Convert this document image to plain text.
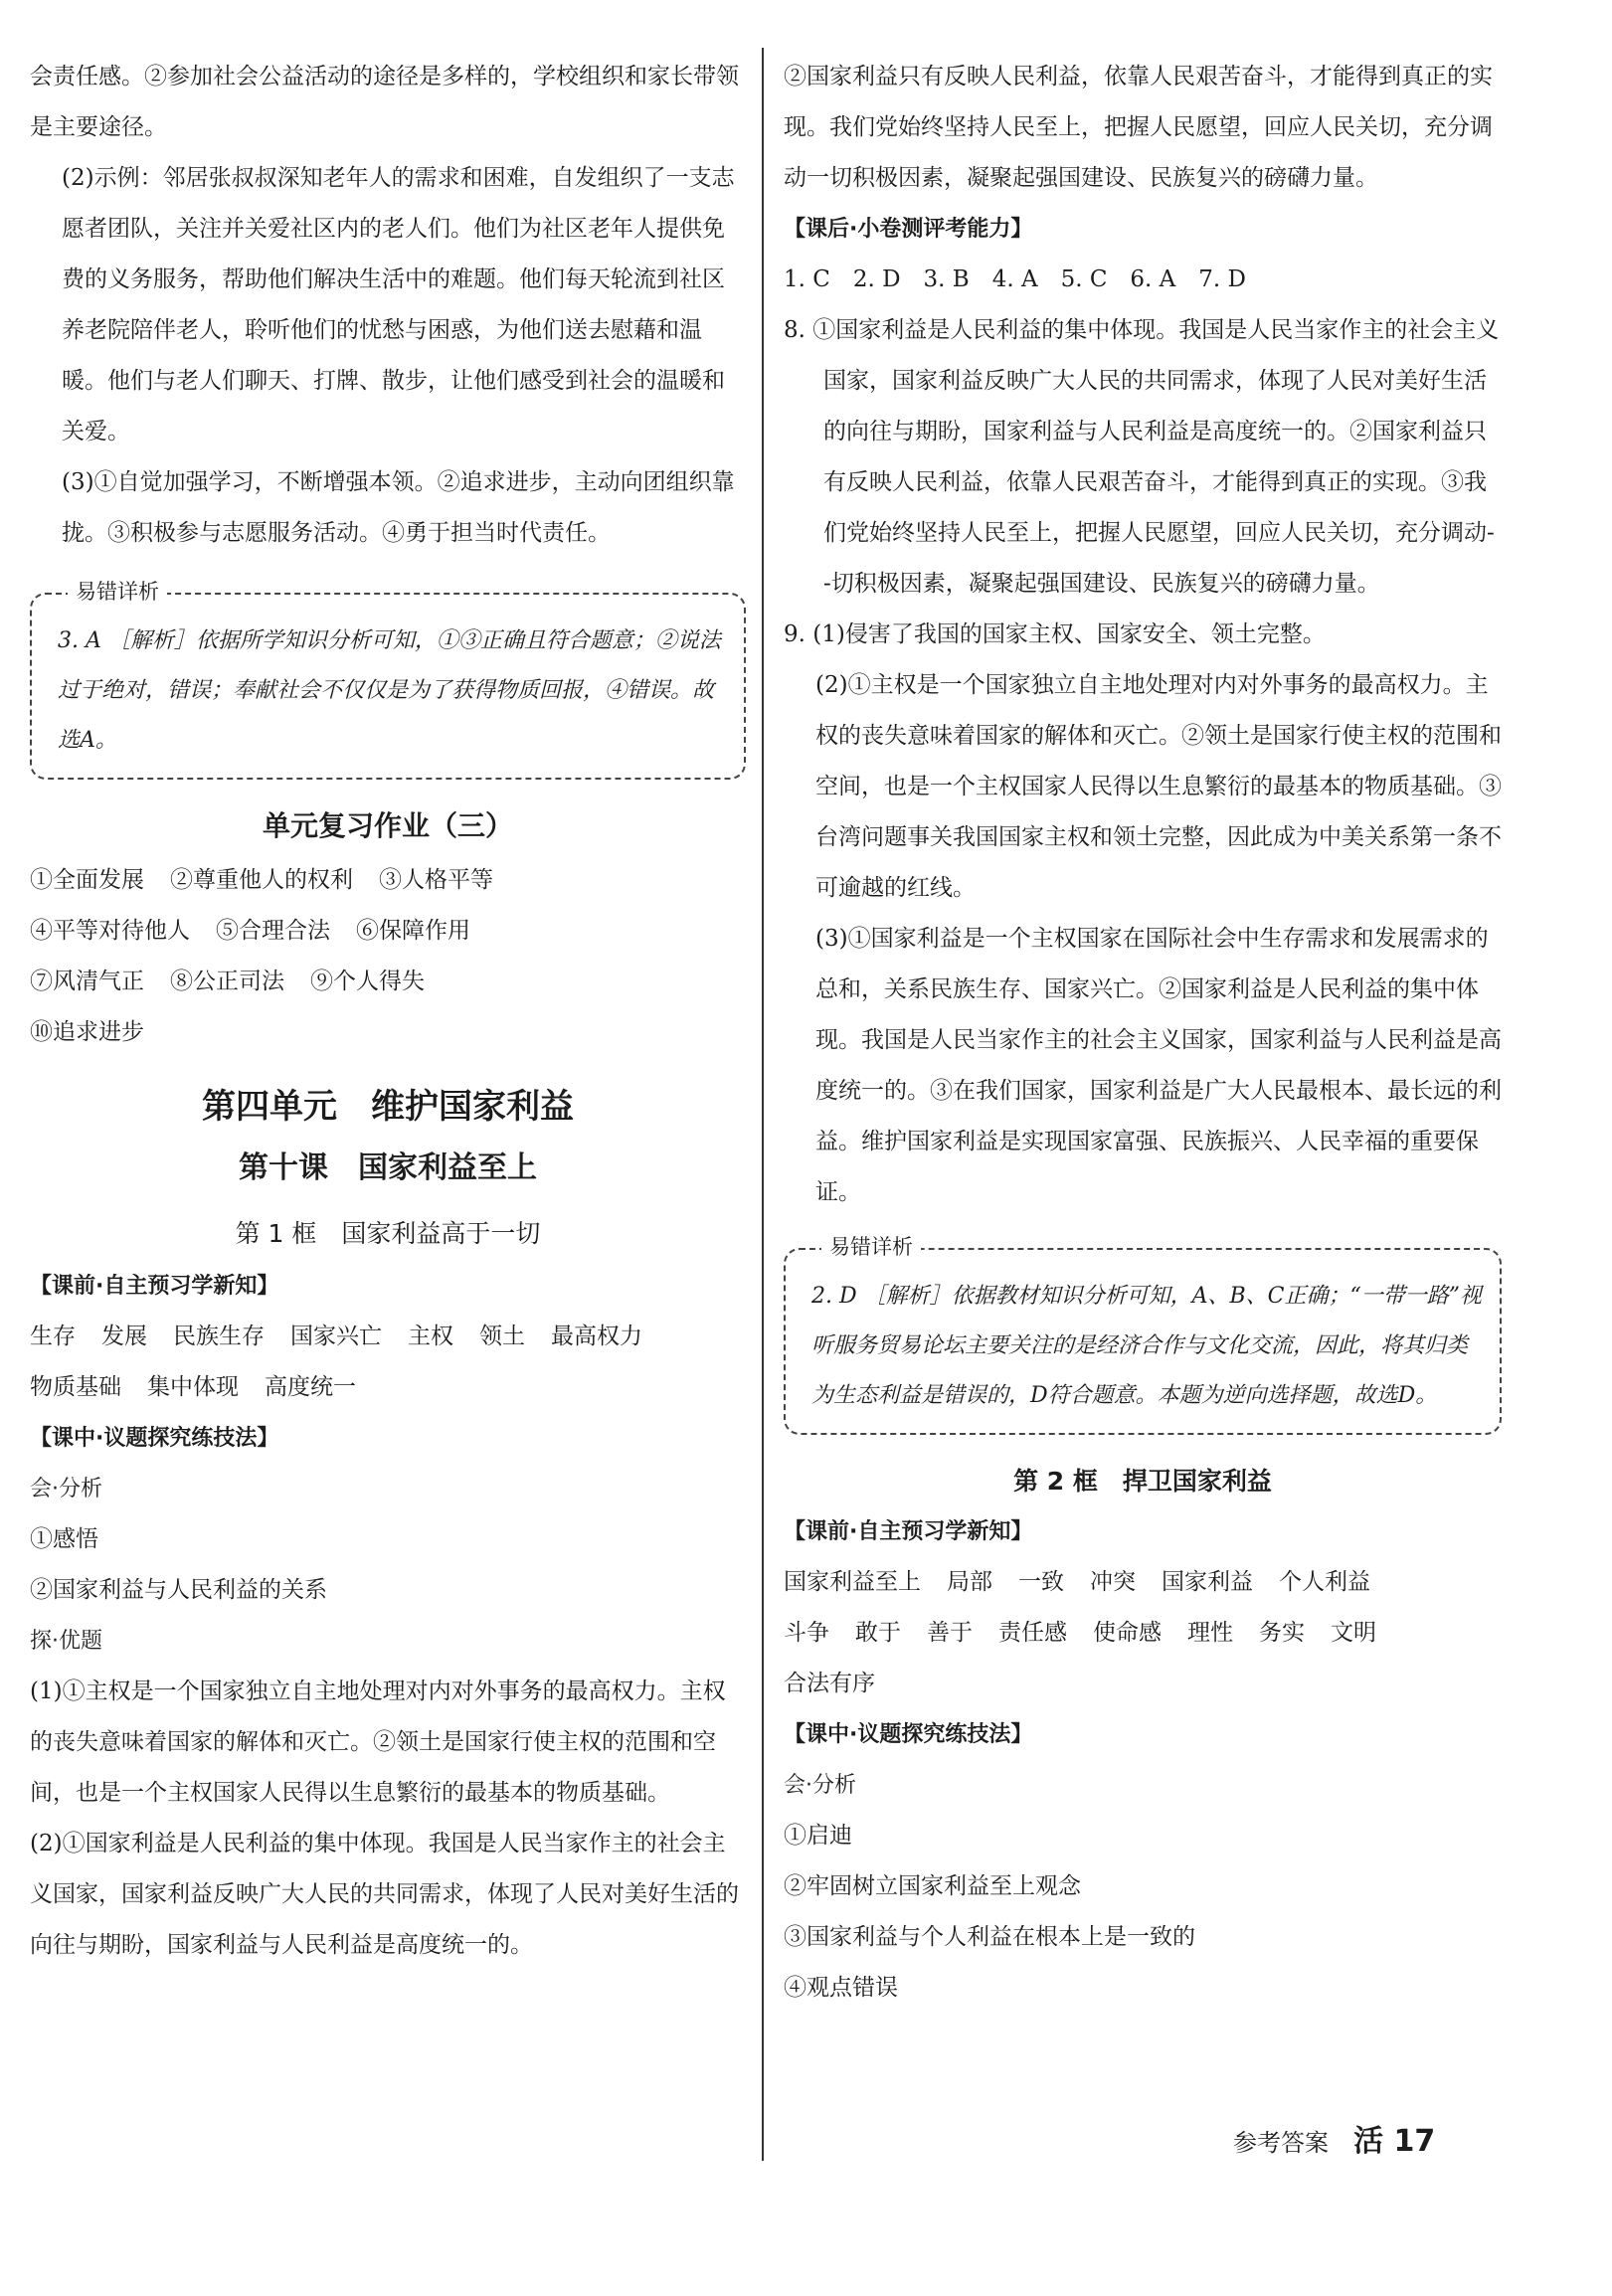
会责任感。②参加社会公益活动的途径是多样的，学校组织和家长带领是主要途径。

(2)示例：邻居张叔叔深知老年人的需求和困难，自发组织了一支志愿者团队，关注并关爱社区内的老人们。他们为社区老年人提供免费的义务服务，帮助他们解决生活中的难题。他们每天轮流到社区养老院陪伴老人，聆听他们的忧愁与困惑，为他们送去慰藉和温暖。他们与老人们聊天、打牌、散步，让他们感受到社会的温暖和关爱。

(3)①自觉加强学习，不断增强本领。②追求进步，主动向团组织靠拢。③积极参与志愿服务活动。④勇于担当时代责任。

易错详析

3. A ［解析］依据所学知识分析可知，①③正确且符合题意；②说法过于绝对，错误；奉献社会不仅仅是为了获得物质回报，④错误。故选A。

单元复习作业（三）

①全面发展 ②尊重他人的权利 ③人格平等

④平等对待他人 ⑤合理合法 ⑥保障作用

⑦风清气正 ⑧公正司法 ⑨个人得失

⑩追求进步

第四单元　维护国家利益
第十课　国家利益至上
第 1 框　国家利益高于一切

【课前·自主预习学新知】

生存 发展 民族生存 国家兴亡 主权 领土 最高权力

物质基础 集中体现 高度统一

【课中·议题探究练技法】

会·分析

①感悟

②国家利益与人民利益的关系

探·优题

(1)①主权是一个国家独立自主地处理对内对外事务的最高权力。主权的丧失意味着国家的解体和灭亡。②领土是国家行使主权的范围和空间，也是一个主权国家人民得以生息繁衍的最基本的物质基础。

(2)①国家利益是人民利益的集中体现。我国是人民当家作主的社会主义国家，国家利益反映广大人民的共同需求，体现了人民对美好生活的向往与期盼，国家利益与人民利益是高度统一的。

②国家利益只有反映人民利益，依靠人民艰苦奋斗，才能得到真正的实现。我们党始终坚持人民至上，把握人民愿望，回应人民关切，充分调动一切积极因素，凝聚起强国建设、民族复兴的磅礴力量。

【课后·小卷测评考能力】

1. C　2. D　3. B　4. A　5. C　6. A　7. D

8. ①国家利益是人民利益的集中体现。我国是人民当家作主的社会主义国家，国家利益反映广大人民的共同需求，体现了人民对美好生活的向往与期盼，国家利益与人民利益是高度统一的。②国家利益只有反映人民利益，依靠人民艰苦奋斗，才能得到真正的实现。③我们党始终坚持人民至上，把握人民愿望，回应人民关切，充分调动--切积极因素，凝聚起强国建设、民族复兴的磅礴力量。

9. (1)侵害了我国的国家主权、国家安全、领土完整。

(2)①主权是一个国家独立自主地处理对内对外事务的最高权力。主权的丧失意味着国家的解体和灭亡。②领土是国家行使主权的范围和空间，也是一个主权国家人民得以生息繁衍的最基本的物质基础。③台湾问题事关我国国家主权和领土完整，因此成为中美关系第一条不可逾越的红线。

(3)①国家利益是一个主权国家在国际社会中生存需求和发展需求的总和，关系民族生存、国家兴亡。②国家利益是人民利益的集中体现。我国是人民当家作主的社会主义国家，国家利益与人民利益是高度统一的。③在我们国家，国家利益是广大人民最根本、最长远的利益。维护国家利益是实现国家富强、民族振兴、人民幸福的重要保证。

易错详析

2. D ［解析］依据教材知识分析可知，A、B、C正确；“一带一路”视听服务贸易论坛主要关注的是经济合作与文化交流，因此，将其归类为生态利益是错误的，D符合题意。本题为逆向选择题，故选D。

第 2 框　捍卫国家利益

【课前·自主预习学新知】

国家利益至上 局部 一致 冲突 国家利益 个人利益

斗争 敢于 善于 责任感 使命感 理性 务实 文明

合法有序

【课中·议题探究练技法】

会·分析

①启迪

②牢固树立国家利益至上观念

③国家利益与个人利益在根本上是一致的

④观点错误

参考答案 活 17
